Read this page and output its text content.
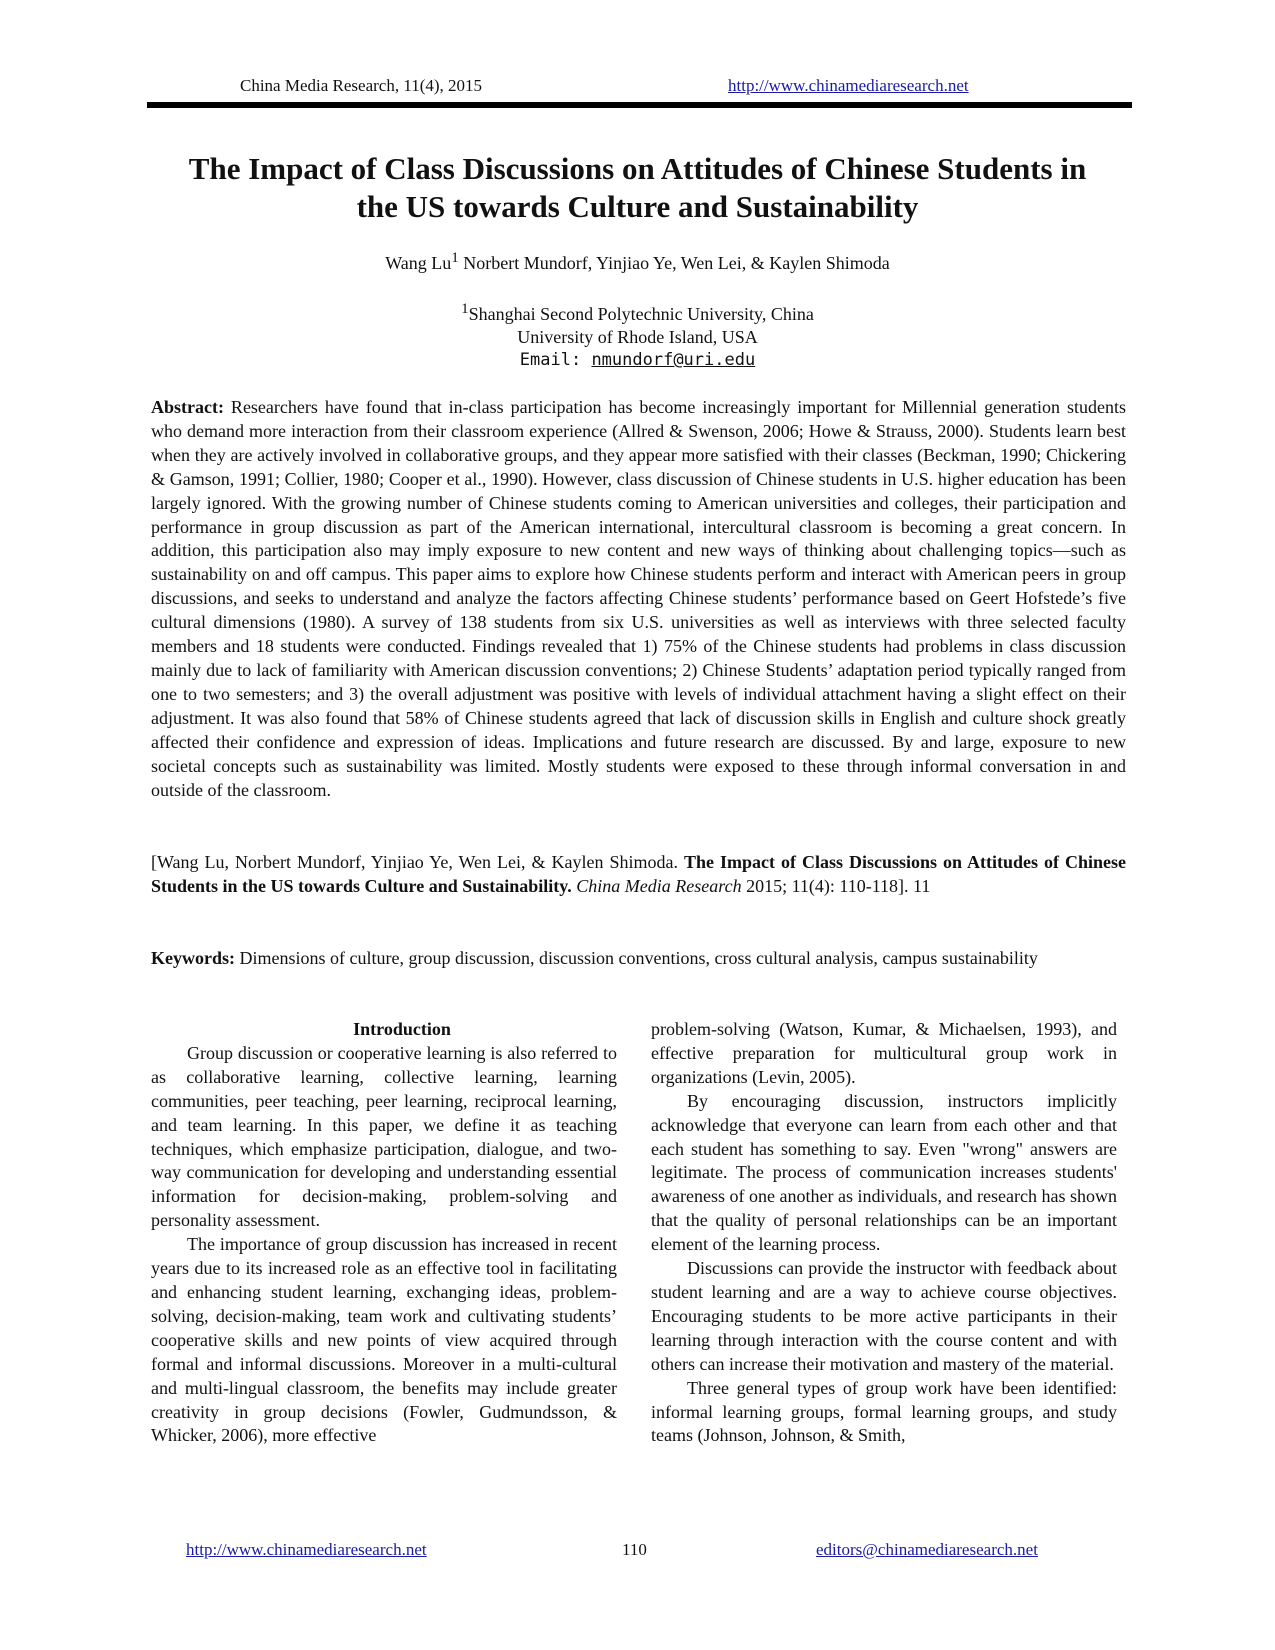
China Media Research, 11(4), 2015	http://www.chinamediaresearch.net
The Impact of Class Discussions on Attitudes of Chinese Students in
the US towards Culture and Sustainability
Wang Lu$^1$ Norbert Mundorf, Yinjiao Ye, Wen Lei, & Kaylen Shimoda
$^1$Shanghai Second Polytechnic University, China
University of Rhode Island, USA
Email: nmundorf@uri.edu

Abstract: Researchers have found that in-class participation has become increasingly important for Millennial generation students who demand more interaction from their classroom experience (Allred & Swenson, 2006; Howe & Strauss, 2000). Students learn best when they are actively involved in collaborative groups, and they appear more satisfied with their classes (Beckman, 1990; Chickering & Gamson, 1991; Collier, 1980; Cooper et al., 1990). However, class discussion of Chinese students in U.S. higher education has been largely ignored. With the growing number of Chinese students coming to American universities and colleges, their participation and performance in group discussion as part of the American international, intercultural classroom is becoming a great concern. In addition, this participation also may imply exposure to new content and new ways of thinking about challenging topics—such as sustainability on and off campus. This paper aims to explore how Chinese students perform and interact with American peers in group discussions, and seeks to understand and analyze the factors affecting Chinese students’ performance based on Geert Hofstede’s five cultural dimensions (1980). A survey of 138 students from six U.S. universities as well as interviews with three selected faculty members and 18 students were conducted. Findings revealed that 1) 75% of the Chinese students had problems in class discussion mainly due to lack of familiarity with American discussion conventions; 2) Chinese Students’ adaptation period typically ranged from one to two semesters; and 3) the overall adjustment was positive with levels of individual attachment having a slight effect on their adjustment. It was also found that 58% of Chinese students agreed that lack of discussion skills in English and culture shock greatly affected their confidence and expression of ideas. Implications and future research are discussed. By and large, exposure to new societal concepts such as sustainability was limited. Mostly students were exposed to these through informal conversation in and outside of the classroom.

[Wang Lu, Norbert Mundorf, Yinjiao Ye, Wen Lei, & Kaylen Shimoda. The Impact of Class Discussions on Attitudes of Chinese Students in the US towards Culture and Sustainability. China Media Research 2015; 11(4): 110-118]. 11

Keywords: Dimensions of culture, group discussion, discussion conventions, cross cultural analysis, campus sustainability

Introduction

Group discussion or cooperative learning is also referred to as collaborative learning, collective learning, learning communities, peer teaching, peer learning, reciprocal learning, and team learning. In this paper, we define it as teaching techniques, which emphasize participation, dialogue, and two-way communication for developing and understanding essential information for decision-making, problem-solving and personality assessment.

The importance of group discussion has increased in recent years due to its increased role as an effective tool in facilitating and enhancing student learning, exchanging ideas, problem-solving, decision-making, team work and cultivating students’ cooperative skills and new points of view acquired through formal and informal discussions. Moreover in a multi-cultural and multi-lingual classroom, the benefits may include greater creativity in group decisions (Fowler, Gudmundsson, & Whicker, 2006), more effective

problem-solving (Watson, Kumar, & Michaelsen, 1993), and effective preparation for multicultural group work in organizations (Levin, 2005).

By encouraging discussion, instructors implicitly acknowledge that everyone can learn from each other and that each student has something to say. Even "wrong" answers are legitimate. The process of communication increases students' awareness of one another as individuals, and research has shown that the quality of personal relationships can be an important element of the learning process.

Discussions can provide the instructor with feedback about student learning and are a way to achieve course objectives. Encouraging students to be more active participants in their learning through interaction with the course content and with others can increase their motivation and mastery of the material.

Three general types of group work have been identified: informal learning groups, formal learning groups, and study teams (Johnson, Johnson, & Smith,

http://www.chinamediaresearch.net	110	editors@chinamediaresearch.net
